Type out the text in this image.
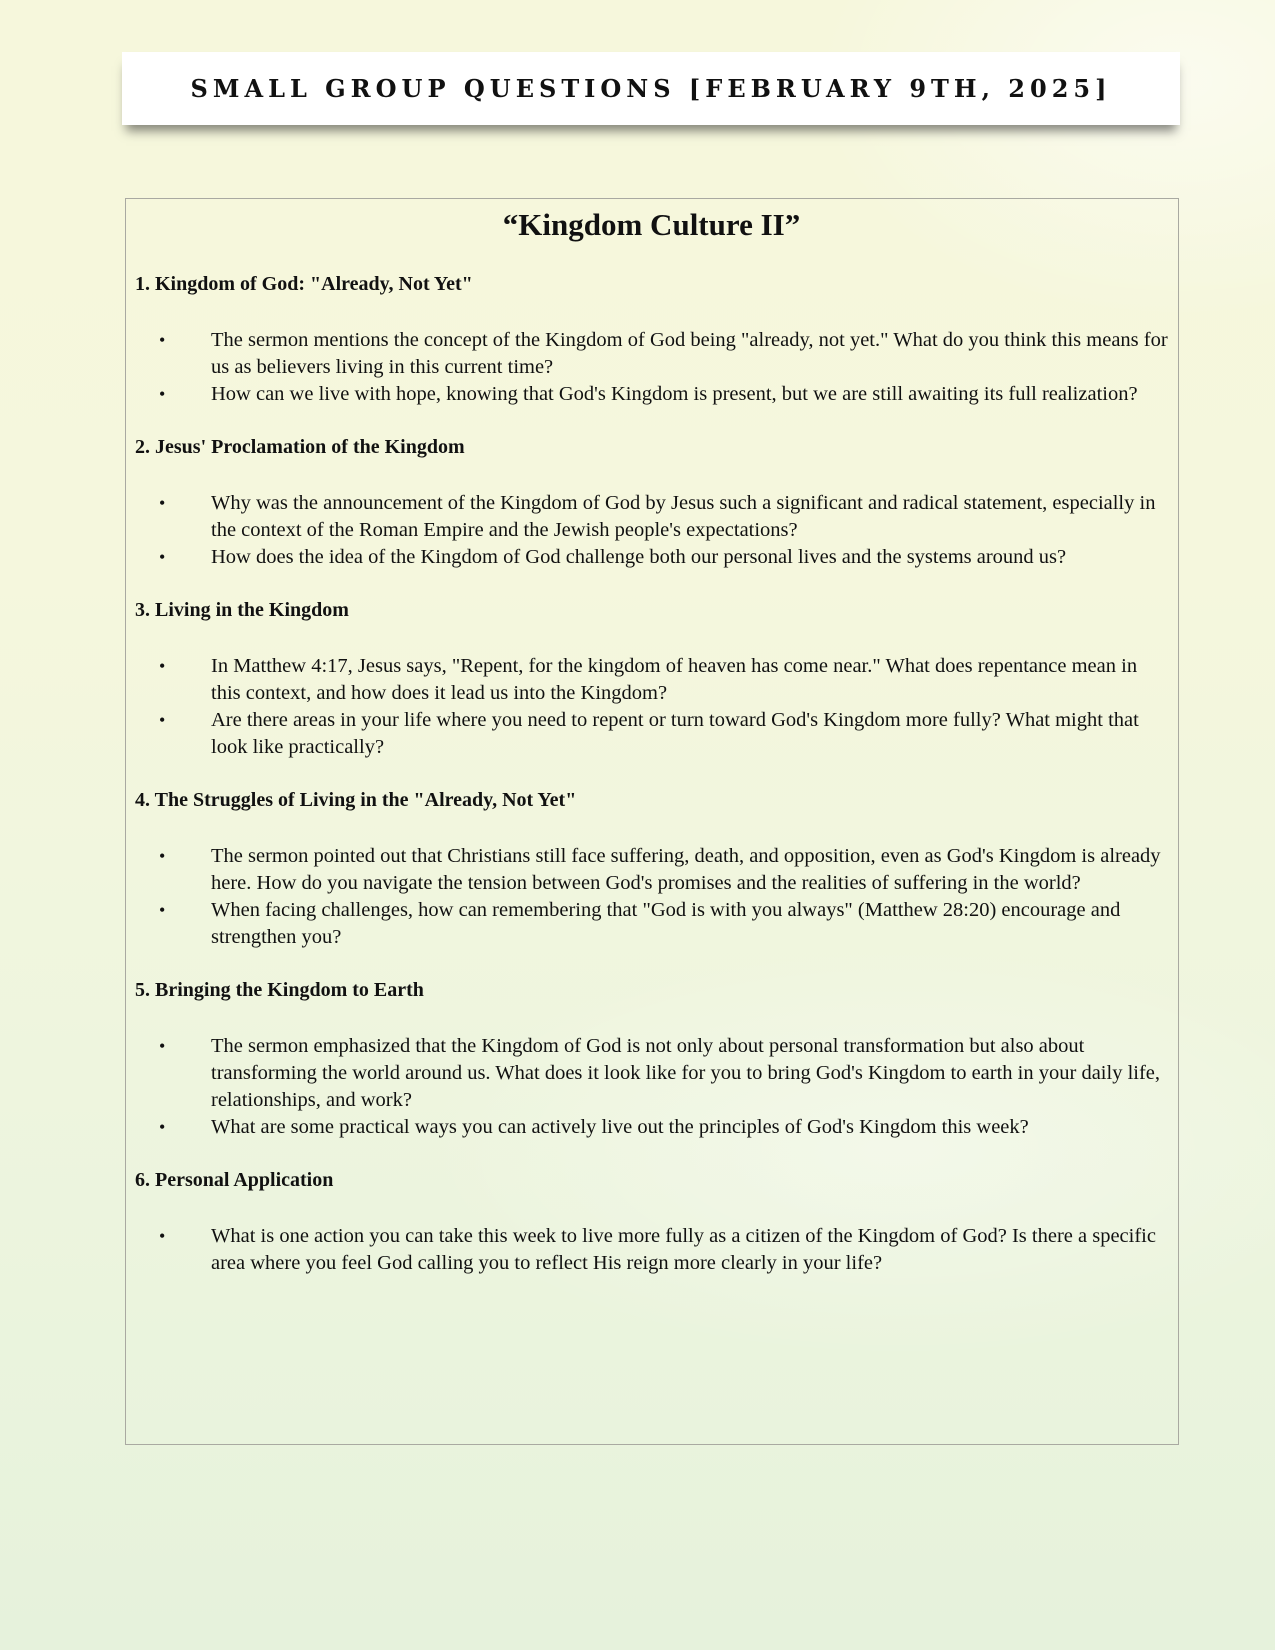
SMALL GROUP QUESTIONS [FEBRUARY 9TH, 2025]
“Kingdom Culture II”
1. Kingdom of God: "Already, Not Yet"
• The sermon mentions the concept of the Kingdom of God being "already, not yet." What do you think this means for us as believers living in this current time?
• How can we live with hope, knowing that God's Kingdom is present, but we are still awaiting its full realization?
2. Jesus' Proclamation of the Kingdom
• Why was the announcement of the Kingdom of God by Jesus such a significant and radical statement, especially in the context of the Roman Empire and the Jewish people's expectations?
• How does the idea of the Kingdom of God challenge both our personal lives and the systems around us?
3. Living in the Kingdom
• In Matthew 4:17, Jesus says, "Repent, for the kingdom of heaven has come near." What does repentance mean in this context, and how does it lead us into the Kingdom?
• Are there areas in your life where you need to repent or turn toward God's Kingdom more fully? What might that look like practically?
4. The Struggles of Living in the "Already, Not Yet"
• The sermon pointed out that Christians still face suffering, death, and opposition, even as God's Kingdom is already here. How do you navigate the tension between God's promises and the realities of suffering in the world?
• When facing challenges, how can remembering that "God is with you always" (Matthew 28:20) encourage and strengthen you?
5. Bringing the Kingdom to Earth
• The sermon emphasized that the Kingdom of God is not only about personal transformation but also about transforming the world around us. What does it look like for you to bring God's Kingdom to earth in your daily life, relationships, and work?
• What are some practical ways you can actively live out the principles of God's Kingdom this week?
6. Personal Application
• What is one action you can take this week to live more fully as a citizen of the Kingdom of God? Is there a specific area where you feel God calling you to reflect His reign more clearly in your life?
